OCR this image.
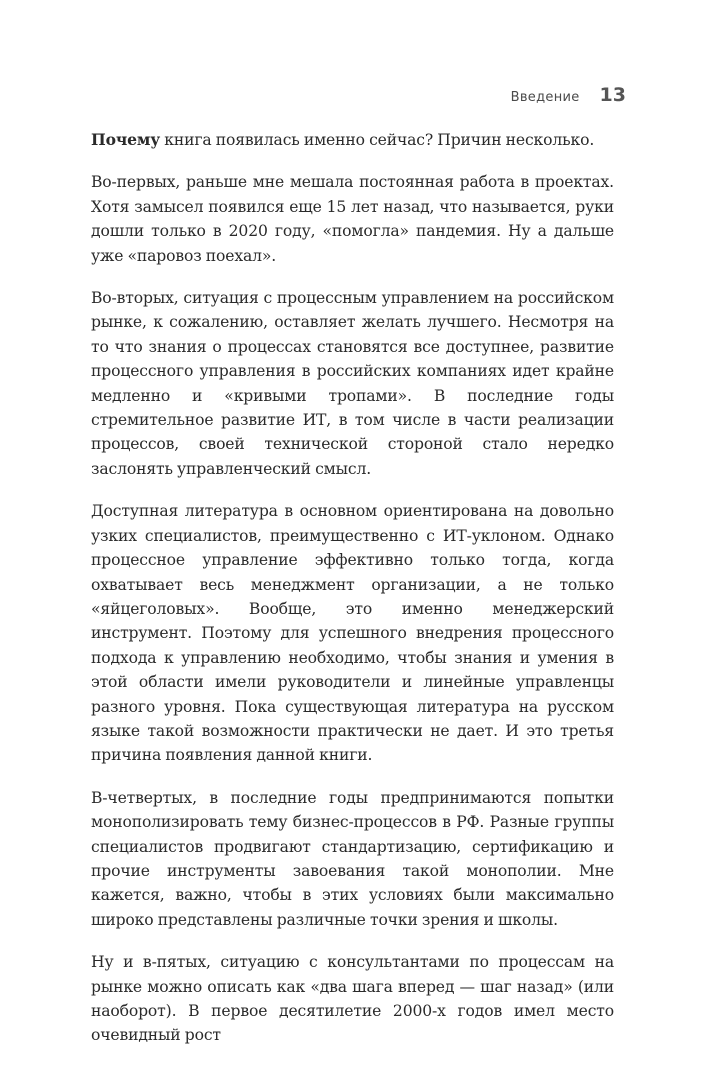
Введение 13

Почему книга появилась именно сейчас? Причин несколько.

Во-первых, раньше мне мешала постоянная работа в проектах. Хотя замысел появился еще 15 лет назад, что называется, руки дошли только в 2020 году, «помогла» пандемия. Ну а дальше уже «паровоз поехал».

Во-вторых, ситуация с процессным управлением на российском рынке, к сожалению, оставляет желать лучшего. Несмотря на то что знания о процессах становятся все доступнее, развитие процессного управления в российских компаниях идет крайне медленно и «кривыми тропами». В последние годы стремительное развитие ИТ, в том числе в части реализации процессов, своей технической стороной стало нередко заслонять управленческий смысл.

Доступная литература в основном ориентирована на довольно узких специалистов, преимущественно с ИТ-уклоном. Однако процессное управление эффективно только тогда, когда охватывает весь менеджмент организации, а не только «яйцеголовых». Вообще, это именно менеджерский инструмент. Поэтому для успешного внедрения процессного подхода к управлению необходимо, чтобы знания и умения в этой области имели руководители и линейные управленцы разного уровня. Пока существующая литература на русском языке такой возможности практически не дает. И это третья причина появления данной книги.

В-четвертых, в последние годы предпринимаются попытки монополизировать тему бизнес-процессов в РФ. Разные группы специалистов продвигают стандартизацию, сертификацию и прочие инструменты завоевания такой монополии. Мне кажется, важно, чтобы в этих условиях были максимально широко представлены различные точки зрения и школы.

Ну и в-пятых, ситуацию с консультантами по процессам на рынке можно описать как «два шага вперед — шаг назад» (или наоборот). В первое десятилетие 2000-х годов имел место очевидный рост
